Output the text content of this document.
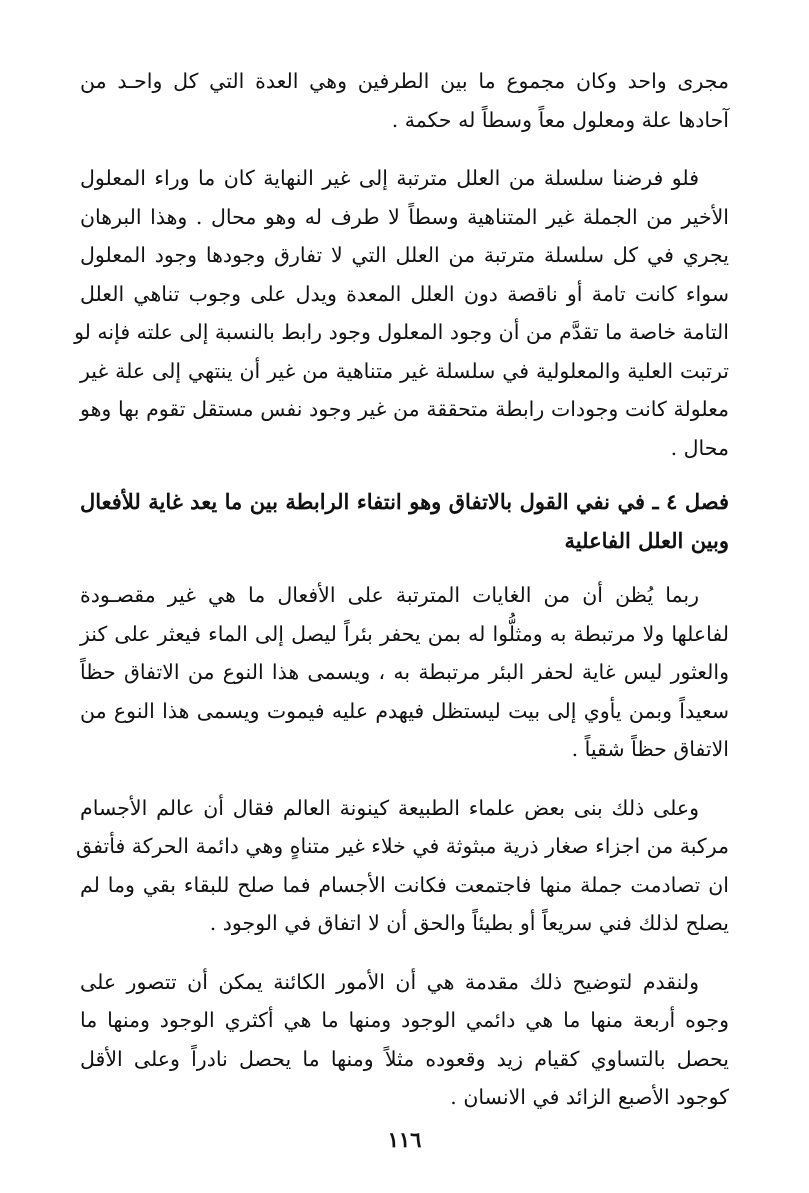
مجرى واحد وكان مجموع ما بين الطرفين وهي العدة التي كل واحـد من
آحادها علة ومعلول معاً وسطاً له حكمة .

فلو فرضنا سلسلة من العلل مترتبة إلى غير النهاية كان ما وراء المعلول
الأخير من الجملة غير المتناهية وسطاً لا طرف له وهو محال . وهذا البرهان
يجري في كل سلسلة مترتبة من العلل التي لا تفارق وجودها وجود المعلول
سواء كانت تامة أو ناقصة دون العلل المعدة ويدل على وجوب تناهي العلل
التامة خاصة ما تقدَّم من أن وجود المعلول وجود رابط بالنسبة إلى علته فإنه لو
ترتبت العلية والمعلولية في سلسلة غير متناهية من غير أن ينتهي إلى علة غير
معلولة كانت وجودات رابطة متحققة من غير وجود نفس مستقل تقوم بها وهو
محال .

فصل ٤ ـ في نفي القول بالاتفاق وهو انتفاء الرابطة بين ما يعد غاية للأفعال
وبين العلل الفاعلية

ربما يُظن أن من الغايات المترتبة على الأفعال ما هي غير مقصـودة
لفاعلها ولا مرتبطة به ومثلُّوا له بمن يحفر بئراً ليصل إلى الماء فيعثر على كنز
والعثور ليس غاية لحفر البئر مرتبطة به ، ويسمى هذا النوع من الاتفاق حظاً
سعيداً وبمن يأوي إلى بيت ليستظل فيهدم عليه فيموت ويسمى هذا النوع من
الاتفاق حظاً شقياً .

وعلى ذلك بنى بعض علماء الطبيعة كينونة العالم فقال أن عالم الأجسام
مركبة من اجزاء صغار ذرية مبثوثة في خلاء غير متناهٍ وهي دائمة الحركة فأتفق
ان تصادمت جملة منها فاجتمعت فكانت الأجسام فما صلح للبقاء بقي وما لم
يصلح لذلك فني سريعاً أو بطيئاً والحق أن لا اتفاق في الوجود .

ولنقدم لتوضيح ذلك مقدمة هي أن الأمور الكائنة يمكن أن تتصور على
وجوه أربعة منها ما هي دائمي الوجود ومنها ما هي أكثري الوجود ومنها ما
يحصل بالتساوي كقيام زيد وقعوده مثلاً ومنها ما يحصل نادراً وعلى الأقل
كوجود الأصبع الزائد في الانسان .

١١٦
